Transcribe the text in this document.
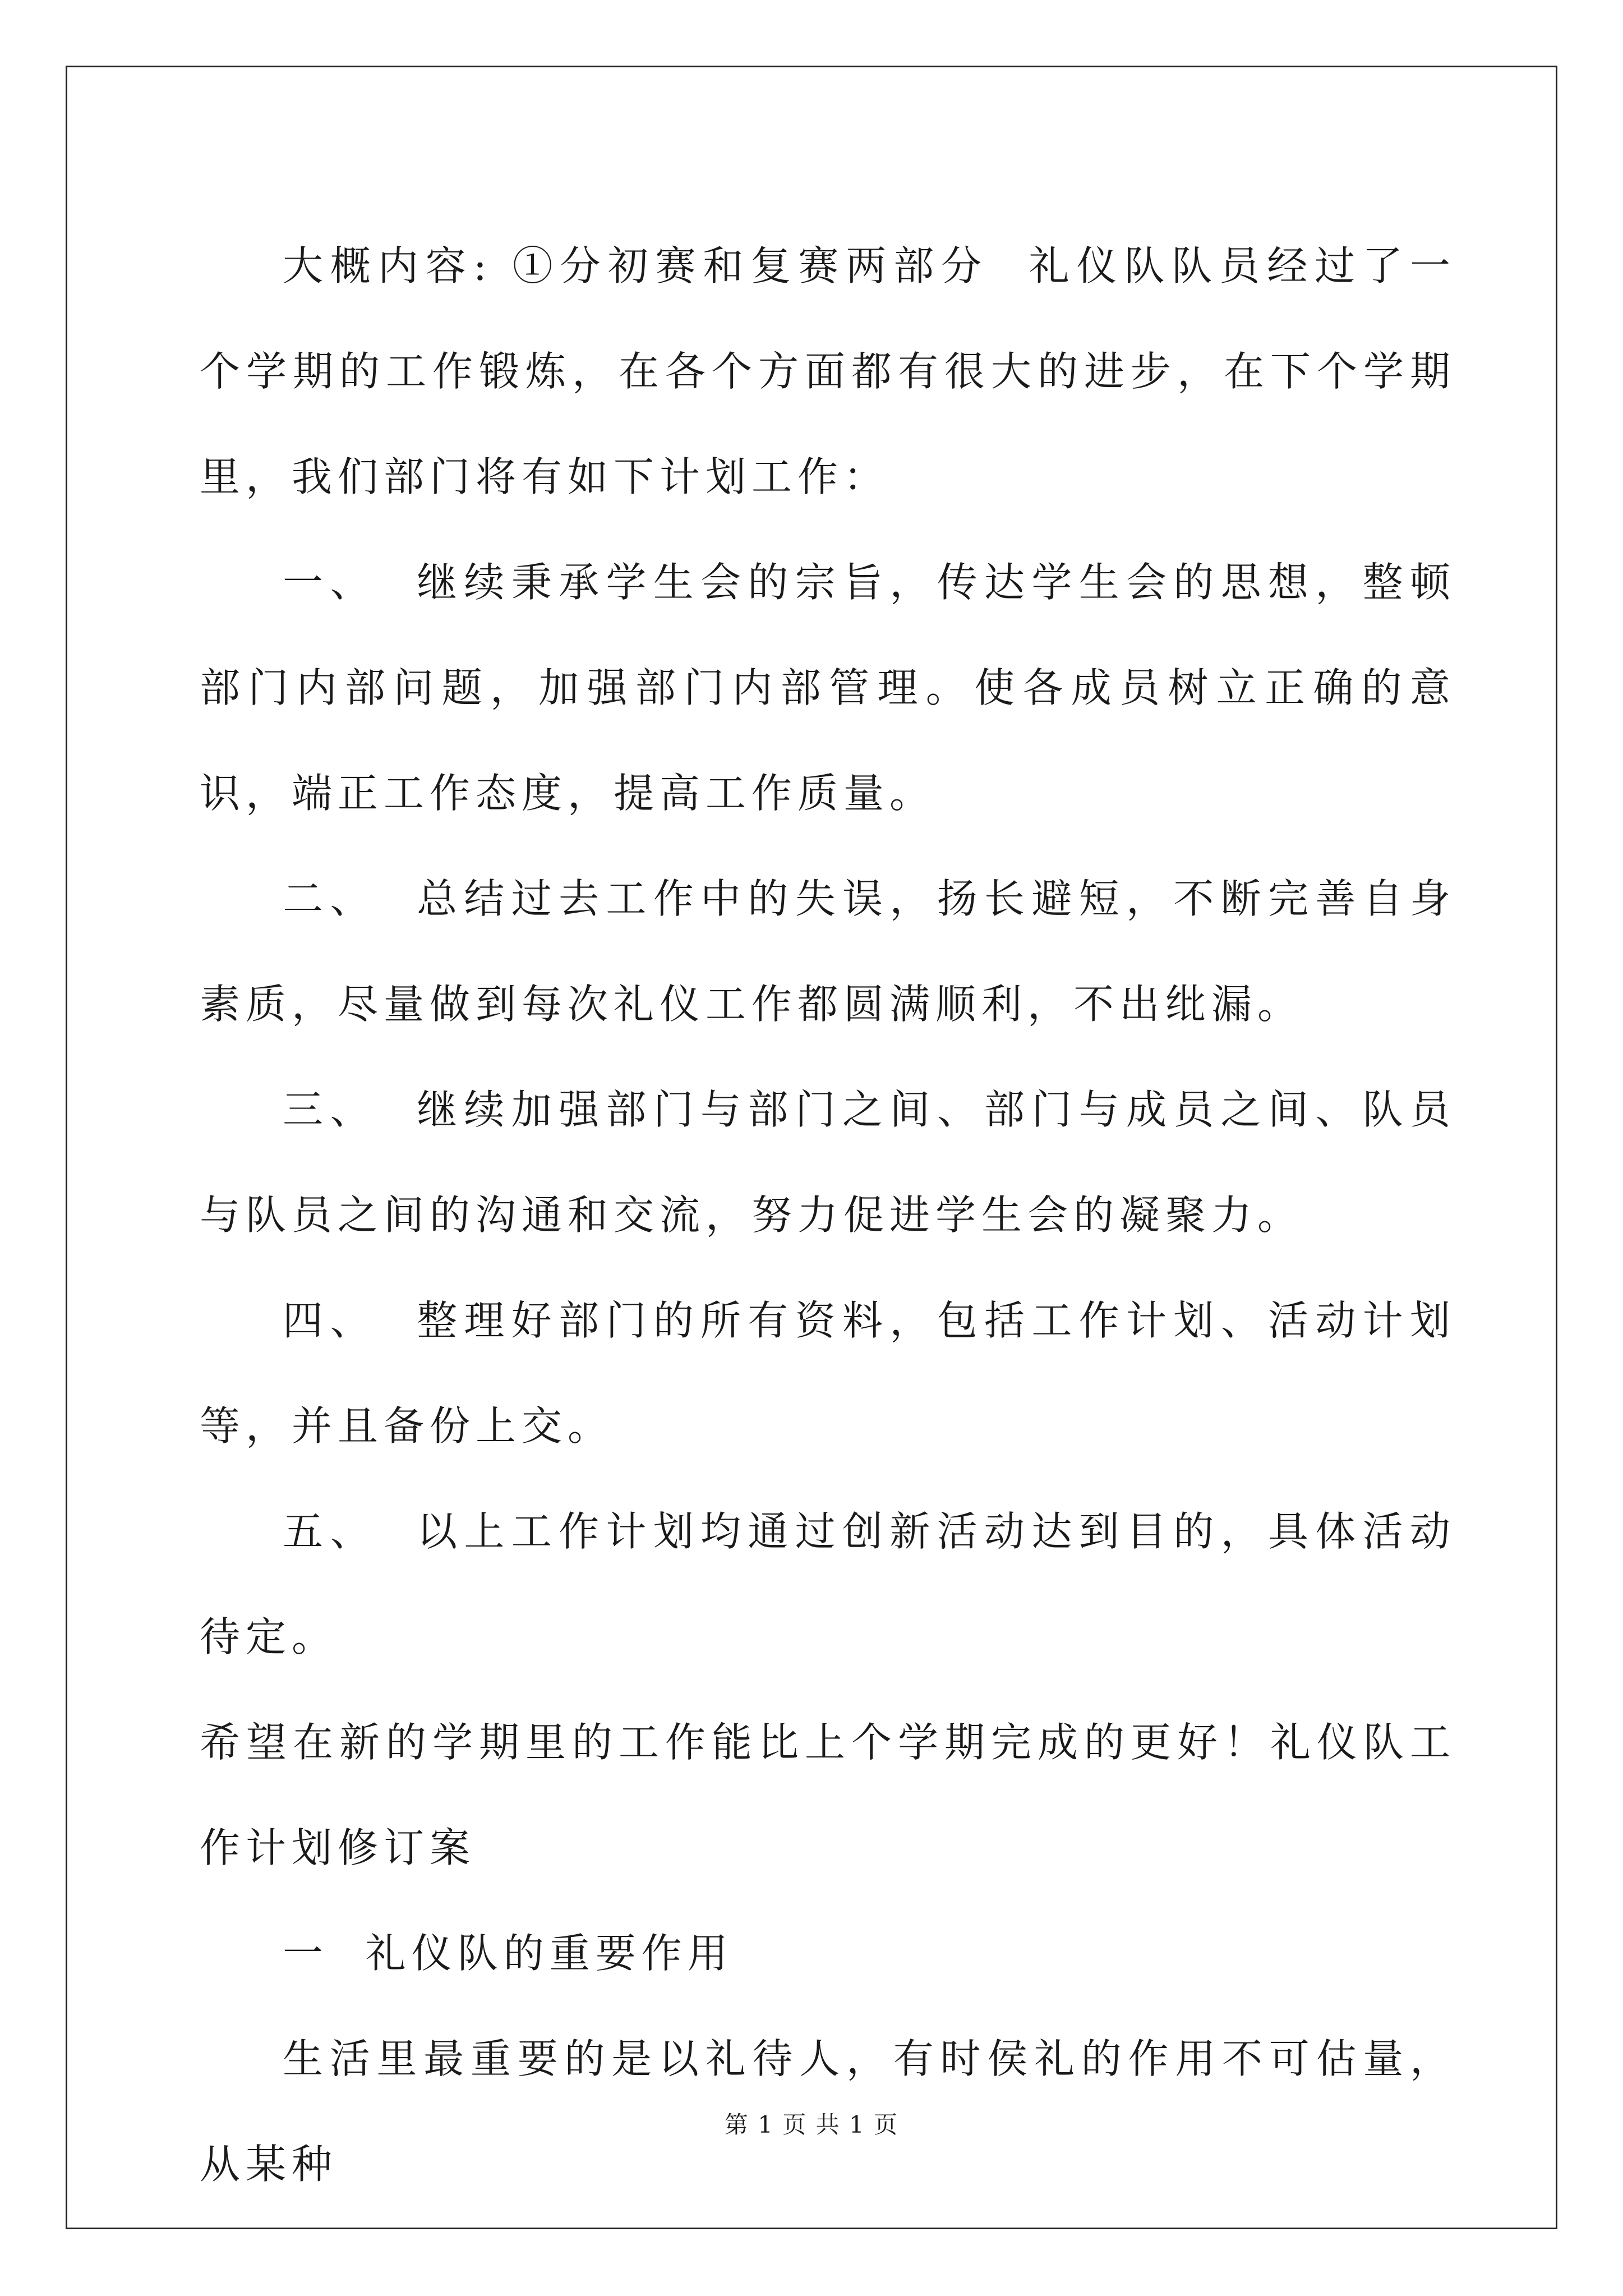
大概内容: ①分初赛和复赛两部分  礼仪队队员经过了一个学期的工作锻炼，在各个方面都有很大的进步，在下个学期里，我们部门将有如下计划工作：

一、  继续秉承学生会的宗旨，传达学生会的思想，整顿部门内部问题，加强部门内部管理。使各成员树立正确的意识，端正工作态度，提高工作质量。

二、  总结过去工作中的失误，扬长避短，不断完善自身素质，尽量做到每次礼仪工作都圆满顺利，不出纰漏。

三、  继续加强部门与部门之间、部门与成员之间、队员与队员之间的沟通和交流，努力促进学生会的凝聚力。

四、  整理好部门的所有资料，包括工作计划、活动计划等，并且备份上交。

五、  以上工作计划均通过创新活动达到目的，具体活动待定。

希望在新的学期里的工作能比上个学期完成的更好！礼仪队工作计划修订案

一  礼仪队的重要作用

生活里最重要的是以礼待人，有时侯礼的作用不可估量，从某种

第 1 页 共 1 页
